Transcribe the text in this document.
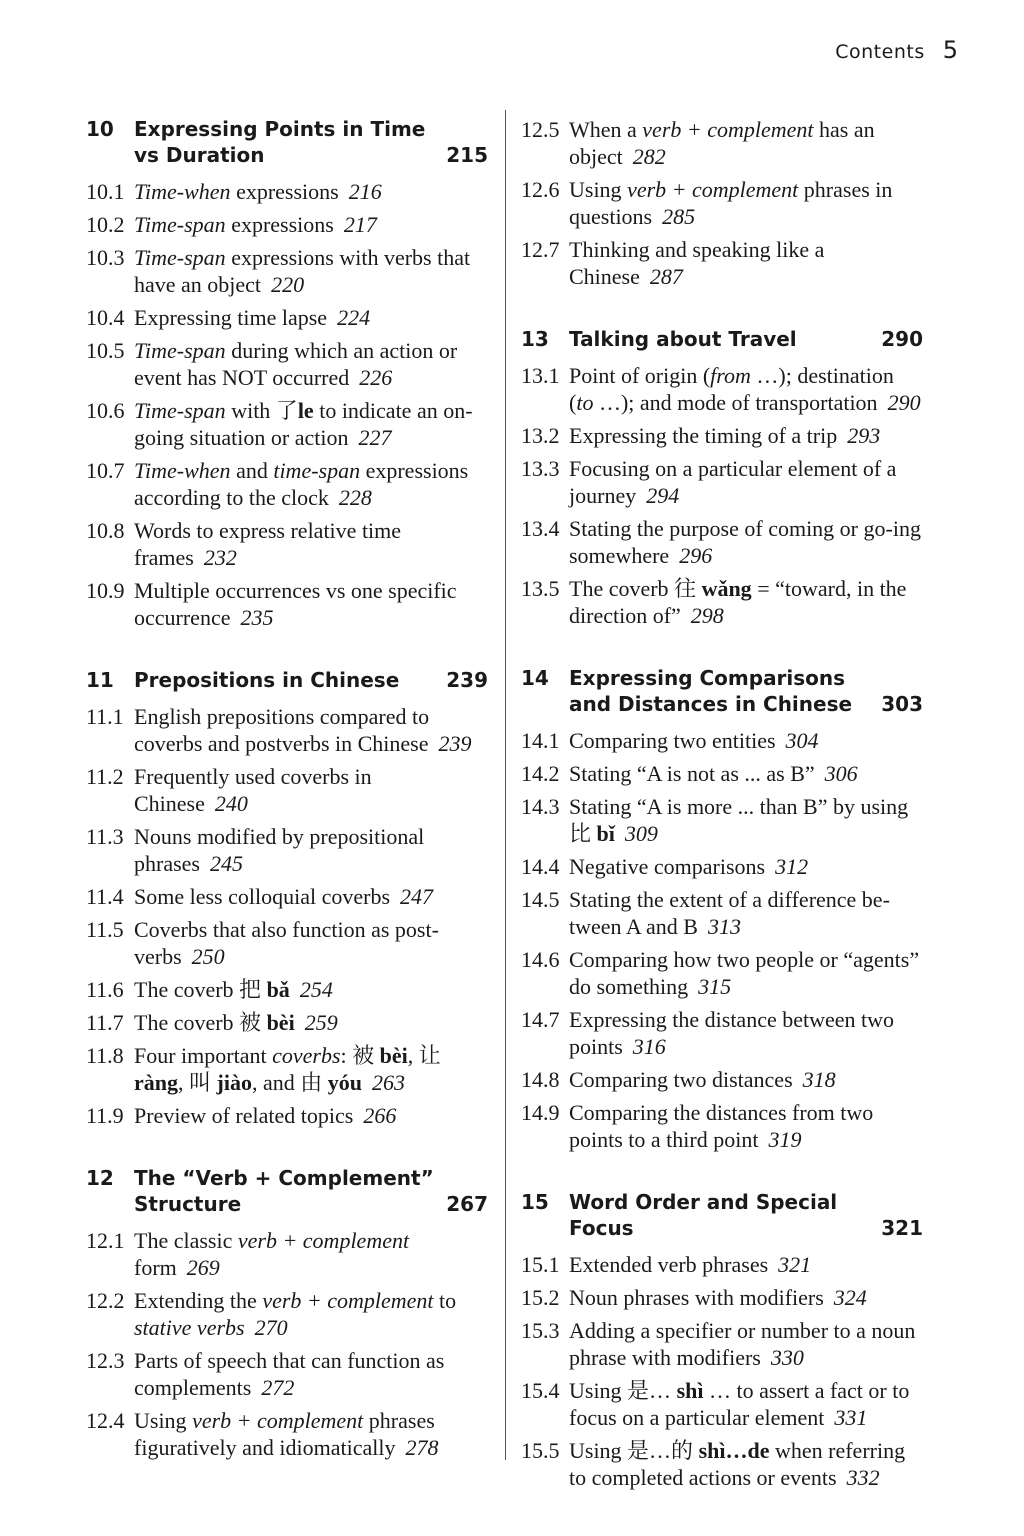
Contents 5
10	Expressing Points in Time vs Duration	215
10.1 Time-when expressions 216
10.2 Time-span expressions 217
10.3 Time-span expressions with verbs that have an object 220
10.4 Expressing time lapse 224
10.5 Time-span during which an action or event has NOT occurred 226
10.6 Time-span with 了le to indicate an on-going situation or action 227
10.7 Time-when and time-span expressions according to the clock 228
10.8 Words to express relative time frames 232
10.9 Multiple occurrences vs one specific occurrence 235
11	Prepositions in Chinese	239
11.1 English prepositions compared to coverbs and postverbs in Chinese 239
11.2 Frequently used coverbs in Chinese 240
11.3 Nouns modified by prepositional phrases 245
11.4 Some less colloquial coverbs 247
11.5 Coverbs that also function as post-verbs 250
11.6 The coverb 把 bǎ 254
11.7 The coverb 被 bèi 259
11.8 Four important coverbs: 被 bèi, 让 ràng, 叫 jiào, and 由 yóu 263
11.9 Preview of related topics 266
12	The “Verb + Complement” Structure	267
12.1 The classic verb + complement form 269
12.2 Extending the verb + complement to stative verbs 270
12.3 Parts of speech that can function as complements 272
12.4 Using verb + complement phrases figuratively and idiomatically 278
12.5 When a verb + complement has an object 282
12.6 Using verb + complement phrases in questions 285
12.7 Thinking and speaking like a Chinese 287
13	Talking about Travel	290
13.1 Point of origin (from …); destination (to …); and mode of transportation 290
13.2 Expressing the timing of a trip 293
13.3 Focusing on a particular element of a journey 294
13.4 Stating the purpose of coming or go-ing somewhere 296
13.5 The coverb 往 wǎng = “toward, in the direction of” 298
14	Expressing Comparisons and Distances in Chinese	303
14.1 Comparing two entities 304
14.2 Stating “A is not as ... as B” 306
14.3 Stating “A is more ... than B” by using 比 bǐ 309
14.4 Negative comparisons 312
14.5 Stating the extent of a difference be-tween A and B 313
14.6 Comparing how two people or “agents” do something 315
14.7 Expressing the distance between two points 316
14.8 Comparing two distances 318
14.9 Comparing the distances from two points to a third point 319
15	Word Order and Special Focus	321
15.1 Extended verb phrases 321
15.2 Noun phrases with modifiers 324
15.3 Adding a specifier or number to a noun phrase with modifiers 330
15.4 Using 是… shì … to assert a fact or to focus on a particular element 331
15.5 Using 是…的 shì…de when referring to completed actions or events 332
